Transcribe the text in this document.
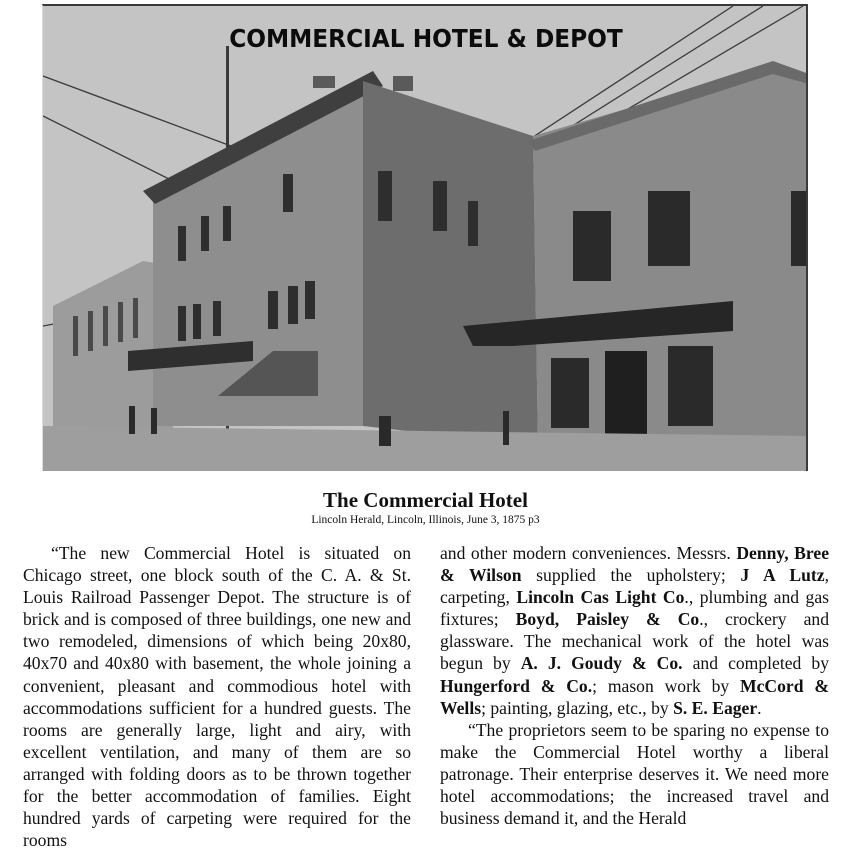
COMMERCIAL HOTEL & DEPOT
The Commercial Hotel
Lincoln Herald, Lincoln, Illinois, June 3, 1875 p3

“The new Commercial Hotel is situated on Chicago street, one block south of the C. A. & St. Louis Railroad Passenger Depot. The structure is of brick and is composed of three buildings, one new and two remodeled, dimensions of which being 20x80, 40x70 and 40x80 with basement, the whole joining a convenient, pleasant and commodious hotel with accommodations sufficient for a hundred guests. The rooms are generally large, light and airy, with excellent ventilation, and many of them are so arranged with folding doors as to be thrown together for the better accommodation of families. Eight hundred yards of carpeting were required for the rooms

and other modern conveniences. Messrs. Denny, Bree & Wilson supplied the upholstery; J A Lutz, carpeting, Lincoln Cas Light Co., plumbing and gas fixtures; Boyd, Paisley & Co., crockery and glassware. The mechanical work of the hotel was begun by A. J. Goudy & Co. and completed by Hungerford & Co.; mason work by McCord & Wells; painting, glazing, etc., by S. E. Eager.

“The proprietors seem to be sparing no expense to make the Commercial Hotel worthy a liberal patronage. Their enterprise deserves it. We need more hotel accommodations; the increased travel and business demand it, and the Herald
